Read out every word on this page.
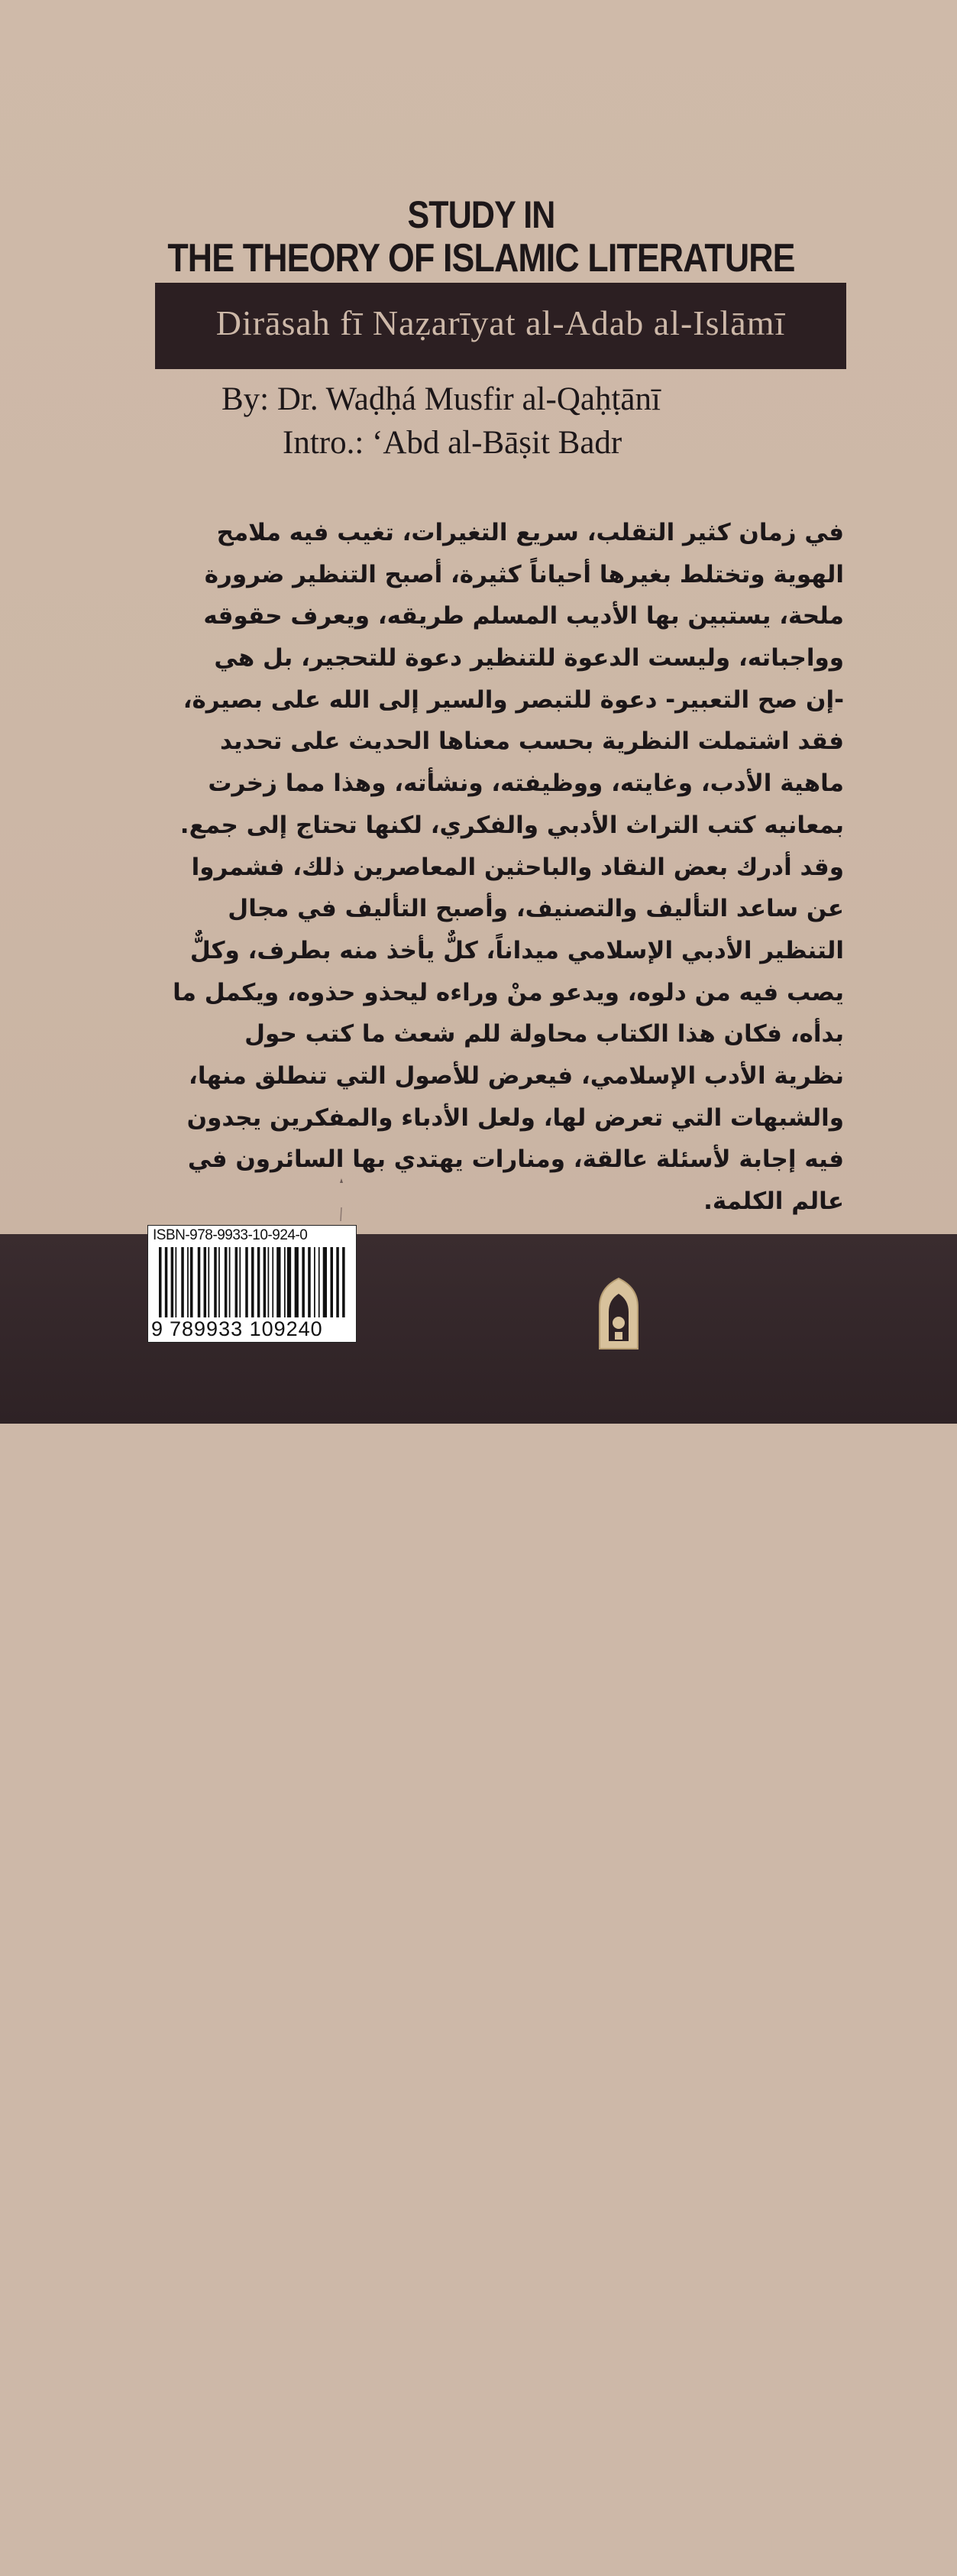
STUDY IN
THE THEORY OF ISLAMIC LITERATURE
Dirāsah fī Naẓarīyat al-Adab al-Islāmī
By: Dr. Waḍḥá Musfir al-Qaḥṭānī
Intro.: ‘Abd al-Bāṣit Badr
في زمان كثير التقلب، سريع التغيرات، تغيب فيه ملامح
الهوية وتختلط بغيرها أحياناً كثيرة، أصبح التنظير ضرورة
ملحة، يستبين بها الأديب المسلم طريقه، ويعرف حقوقه
وواجباته، وليست الدعوة للتنظير دعوة للتحجير، بل هي
-إن صح التعبير- دعوة للتبصر والسير إلى الله على بصيرة،
فقد اشتملت النظرية بحسب معناها الحديث على تحديد
ماهية الأدب، وغايته، ووظيفته، ونشأته، وهذا مما زخرت
بمعانيه كتب التراث الأدبي والفكري، لكنها تحتاج إلى جمع.
وقد أدرك بعض النقاد والباحثين المعاصرين ذلك، فشمروا
عن ساعد التأليف والتصنيف، وأصبح التأليف في مجال
التنظير الأدبي الإسلامي ميداناً، كلٌّ يأخذ منه بطرف، وكلٌّ
يصب فيه من دلوه، ويدعو منْ وراءه ليحذو حذوه، ويكمل ما
بدأه، فكان هذا الكتاب محاولة للم شعث ما كتب حول
نظرية الأدب الإسلامي، فيعرض للأصول التي تنطلق منها،
والشبهات التي تعرض لها، ولعل الأدباء والمفكرين يجدون
فيه إجابة لأسئلة عالقة، ومنارات يهتدي بها السائرون في
عالم الكلمة.
دار الفكر المعاصر
بيروت - لبنان
دار الفكر
دمشق - سورية
ISBN-978-9933-10-924-0
9 789933 109240
